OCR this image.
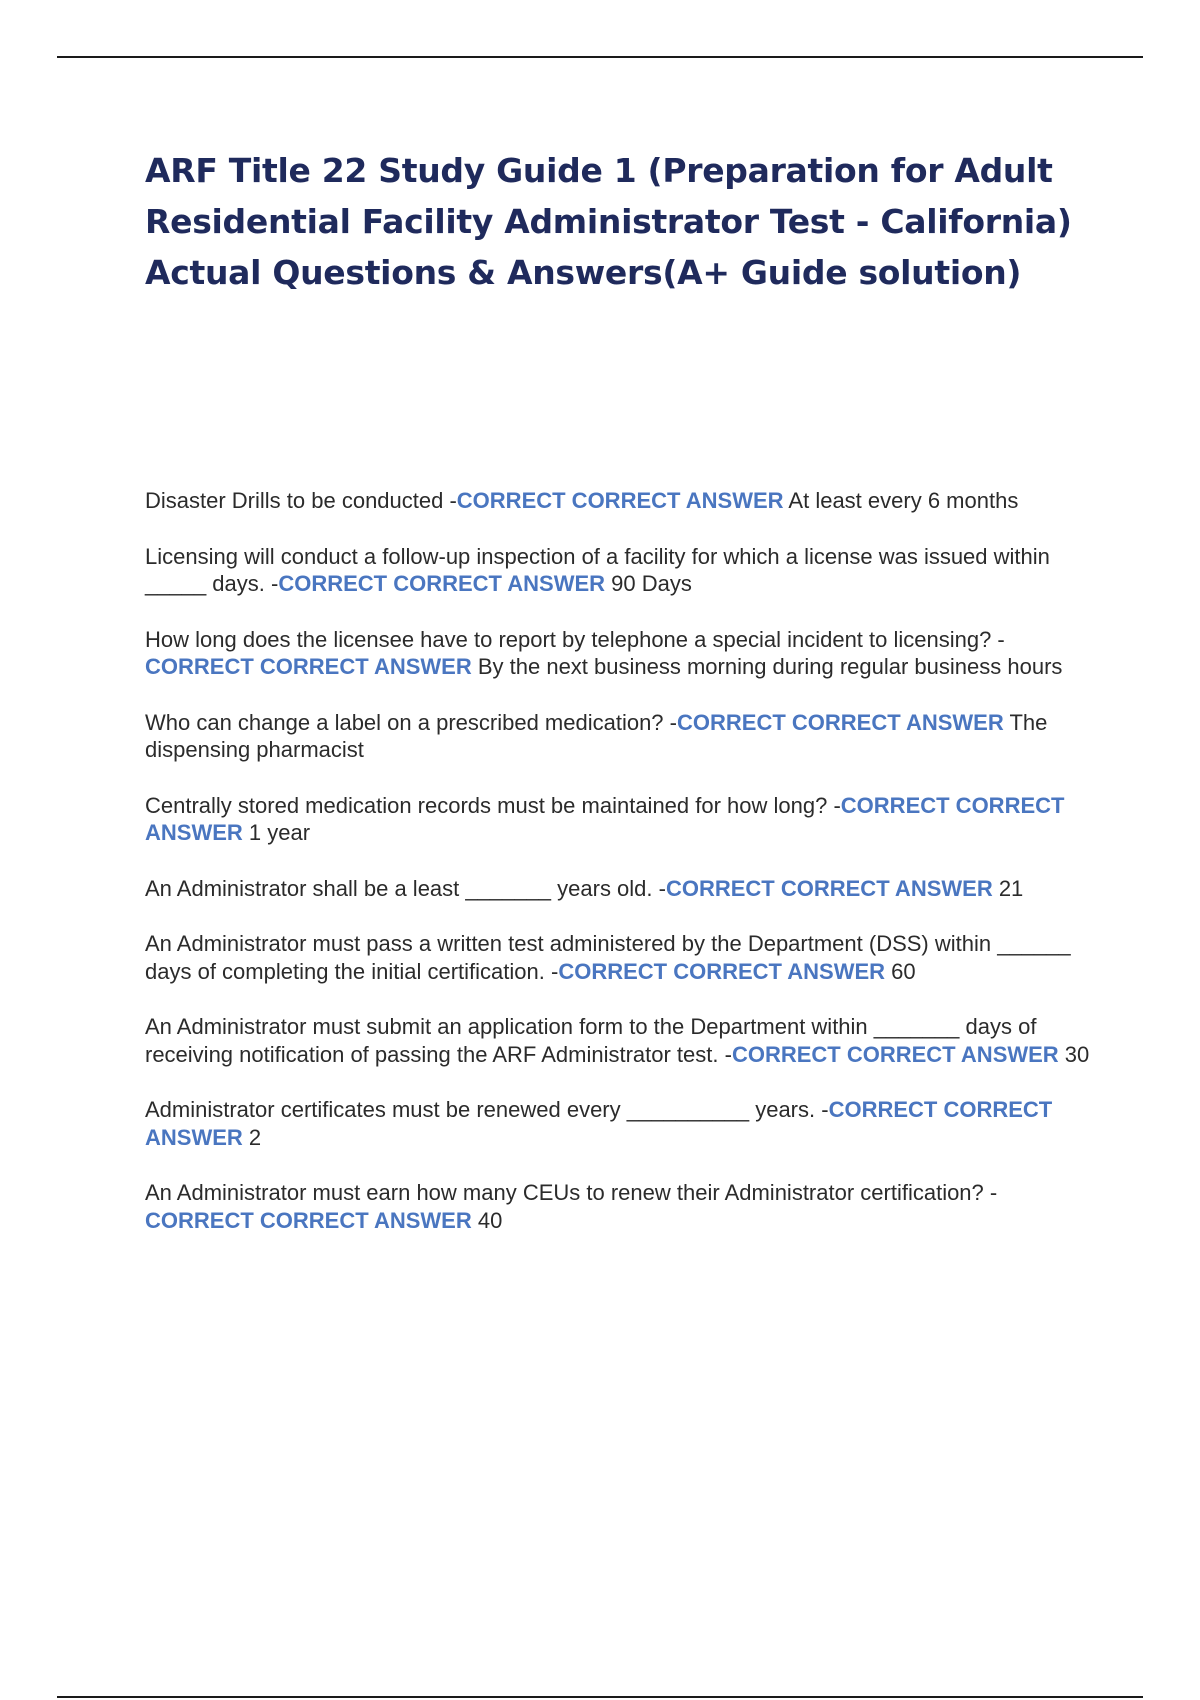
ARF Title 22 Study Guide 1 (Preparation for Adult Residential Facility Administrator Test - California) Actual Questions & Answers(A+ Guide solution)
Disaster Drills to be conducted -CORRECT CORRECT ANSWER At least every 6 months
Licensing will conduct a follow-up inspection of a facility for which a license was issued within _____ days. -CORRECT CORRECT ANSWER 90 Days
How long does the licensee have to report by telephone a special incident to licensing? -CORRECT CORRECT ANSWER By the next business morning during regular business hours
Who can change a label on a prescribed medication? -CORRECT CORRECT ANSWER The dispensing pharmacist
Centrally stored medication records must be maintained for how long? -CORRECT CORRECT ANSWER 1 year
An Administrator shall be a least _______ years old. -CORRECT CORRECT ANSWER 21
An Administrator must pass a written test administered by the Department (DSS) within ______ days of completing the initial certification. -CORRECT CORRECT ANSWER 60
An Administrator must submit an application form to the Department within _______ days of receiving notification of passing the ARF Administrator test. -CORRECT CORRECT ANSWER 30
Administrator certificates must be renewed every __________ years. -CORRECT CORRECT ANSWER 2
An Administrator must earn how many CEUs to renew their Administrator certification? -CORRECT CORRECT ANSWER 40
